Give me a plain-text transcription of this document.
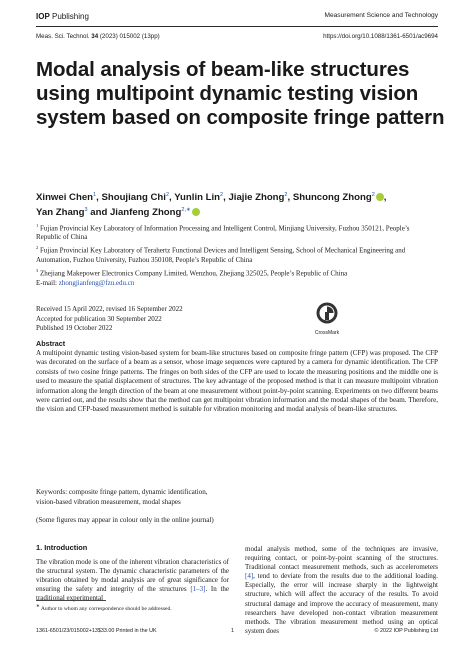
IOP Publishing	Measurement Science and Technology
Meas. Sci. Technol. 34 (2023) 015002 (13pp)	https://doi.org/10.1088/1361-6501/ac9694
Modal analysis of beam-like structures using multipoint dynamic testing vision system based on composite fringe pattern
Xinwei Chen$^1$, Shoujiang Chi$^2$, Yunlin Lin$^2$, Jiajie Zhong$^2$, Shuncong Zhong$^2$ ,
Yan Zhang$^3$ and Jianfeng Zhong$^{2,∗}$
$^1$ Fujian Provincial Key Laboratory of Information Processing and Intelligent Control, Minjiang University, Fuzhou 350121, People’s Republic of China
$^2$ Fujian Provincial Key Laboratory of Terahertz Functional Devices and Intelligent Sensing, School of Mechanical Engineering and Automation, Fuzhou University, Fuzhou 350108, People’s Republic of China
$^3$ Zhejiang Makepower Electronics Company Limited, Wenzhou, Zhejiang 325025, People’s Republic of China
E-mail: zhongjianfeng@fzu.edu.cn
Received 15 April 2022, revised 16 September 2022
Accepted for publication 30 September 2022
Published 19 October 2022
CrossMark
Abstract
A multipoint dynamic testing vision-based system for beam-like structures based on composite fringe pattern (CFP) was proposed. The CFP was decorated on the surface of a beam as a sensor, whose image sequences were captured by a camera for dynamic identification. The CFP consists of two cosine fringe patterns. The fringes on both sides of the CFP are used to locate the measuring positions and the middle one is used to measure the spatial displacement of structures. The key advantage of the proposed method is that it can measure multipoint vibration information along the length direction of the beam at one measurement without point-by-point scanning. Experiments on two different beams were carried out, and the results show that the method can get multipoint vibration information and the modal shapes of the beam. Therefore, the vision and CFP-based measurement method is suitable for vibration monitoring and modal analysis of beam-like structures.
Keywords: composite fringe pattern, dynamic identification,
vision-based vibration measurement, modal shapes
(Some figures may appear in colour only in the online journal)
1. Introduction
The vibration mode is one of the inherent vibration characteristics of the structural system. The dynamic characteristic parameters of the vibration obtained by modal analysis are of great significance for ensuring the safety and integrity of the structures [1–3]. In the traditional experimental
modal analysis method, some of the techniques are invasive, requiring contact, or point-by-point scanning of the structures. Traditional contact measurement methods, such as accelerometers [4], tend to deviate from the results due to the additional loading. Especially, the error will increase sharply in the lightweight structure, which will affect the accuracy of the results. To avoid structural damage and improve the accuracy of measurement, many researchers have developed non-contact vibration measurement methods. The vibration measurement method using an optical system does
∗ Author to whom any correspondence should be addressed.
1361-6501/23/015002+13$33.00 Printed in the UK	1	© 2022 IOP Publishing Ltd
